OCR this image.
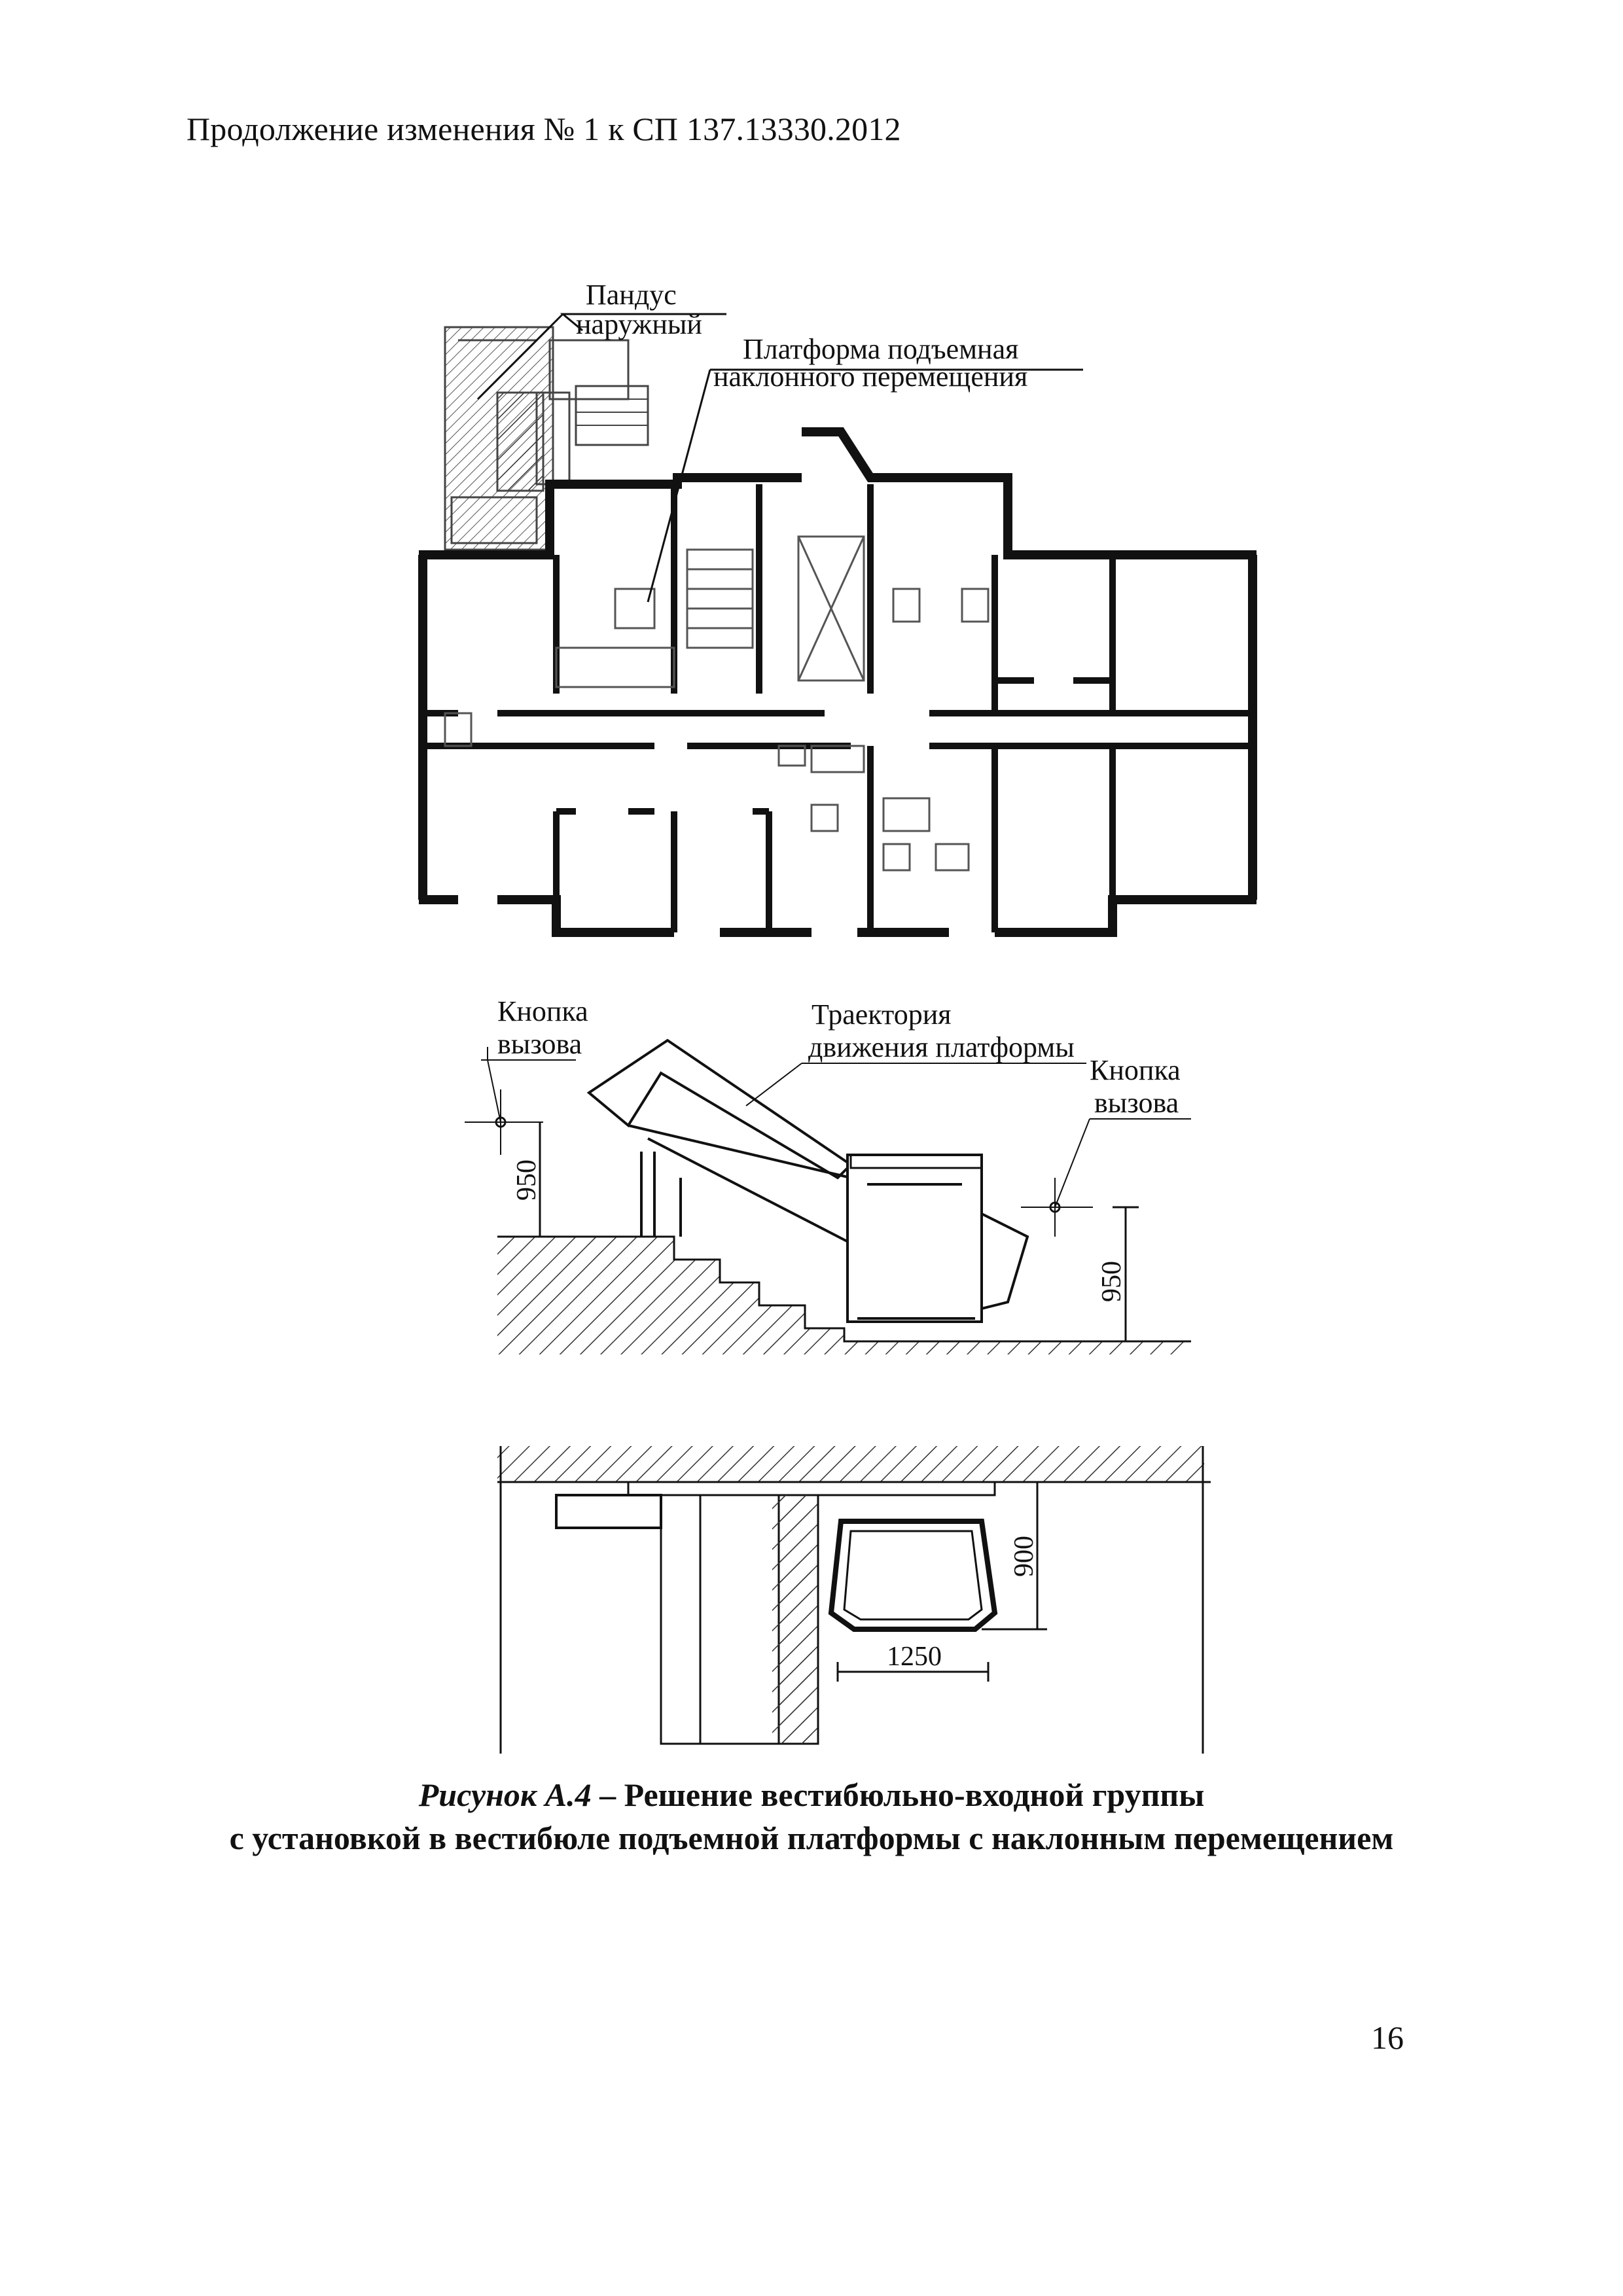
Продолжение изменения № 1 к СП 137.13330.2012
Пандус
наружный
Платформа подъемная
наклонного перемещения
Кнопка
вызова
Траектория
движения платформы
Кнопка
вызова
950
950
1250
900
Рисунок А.4 – Решение вестибюльно-входной группы
с установкой в вестибюле подъемной платформы с наклонным перемещением
16
